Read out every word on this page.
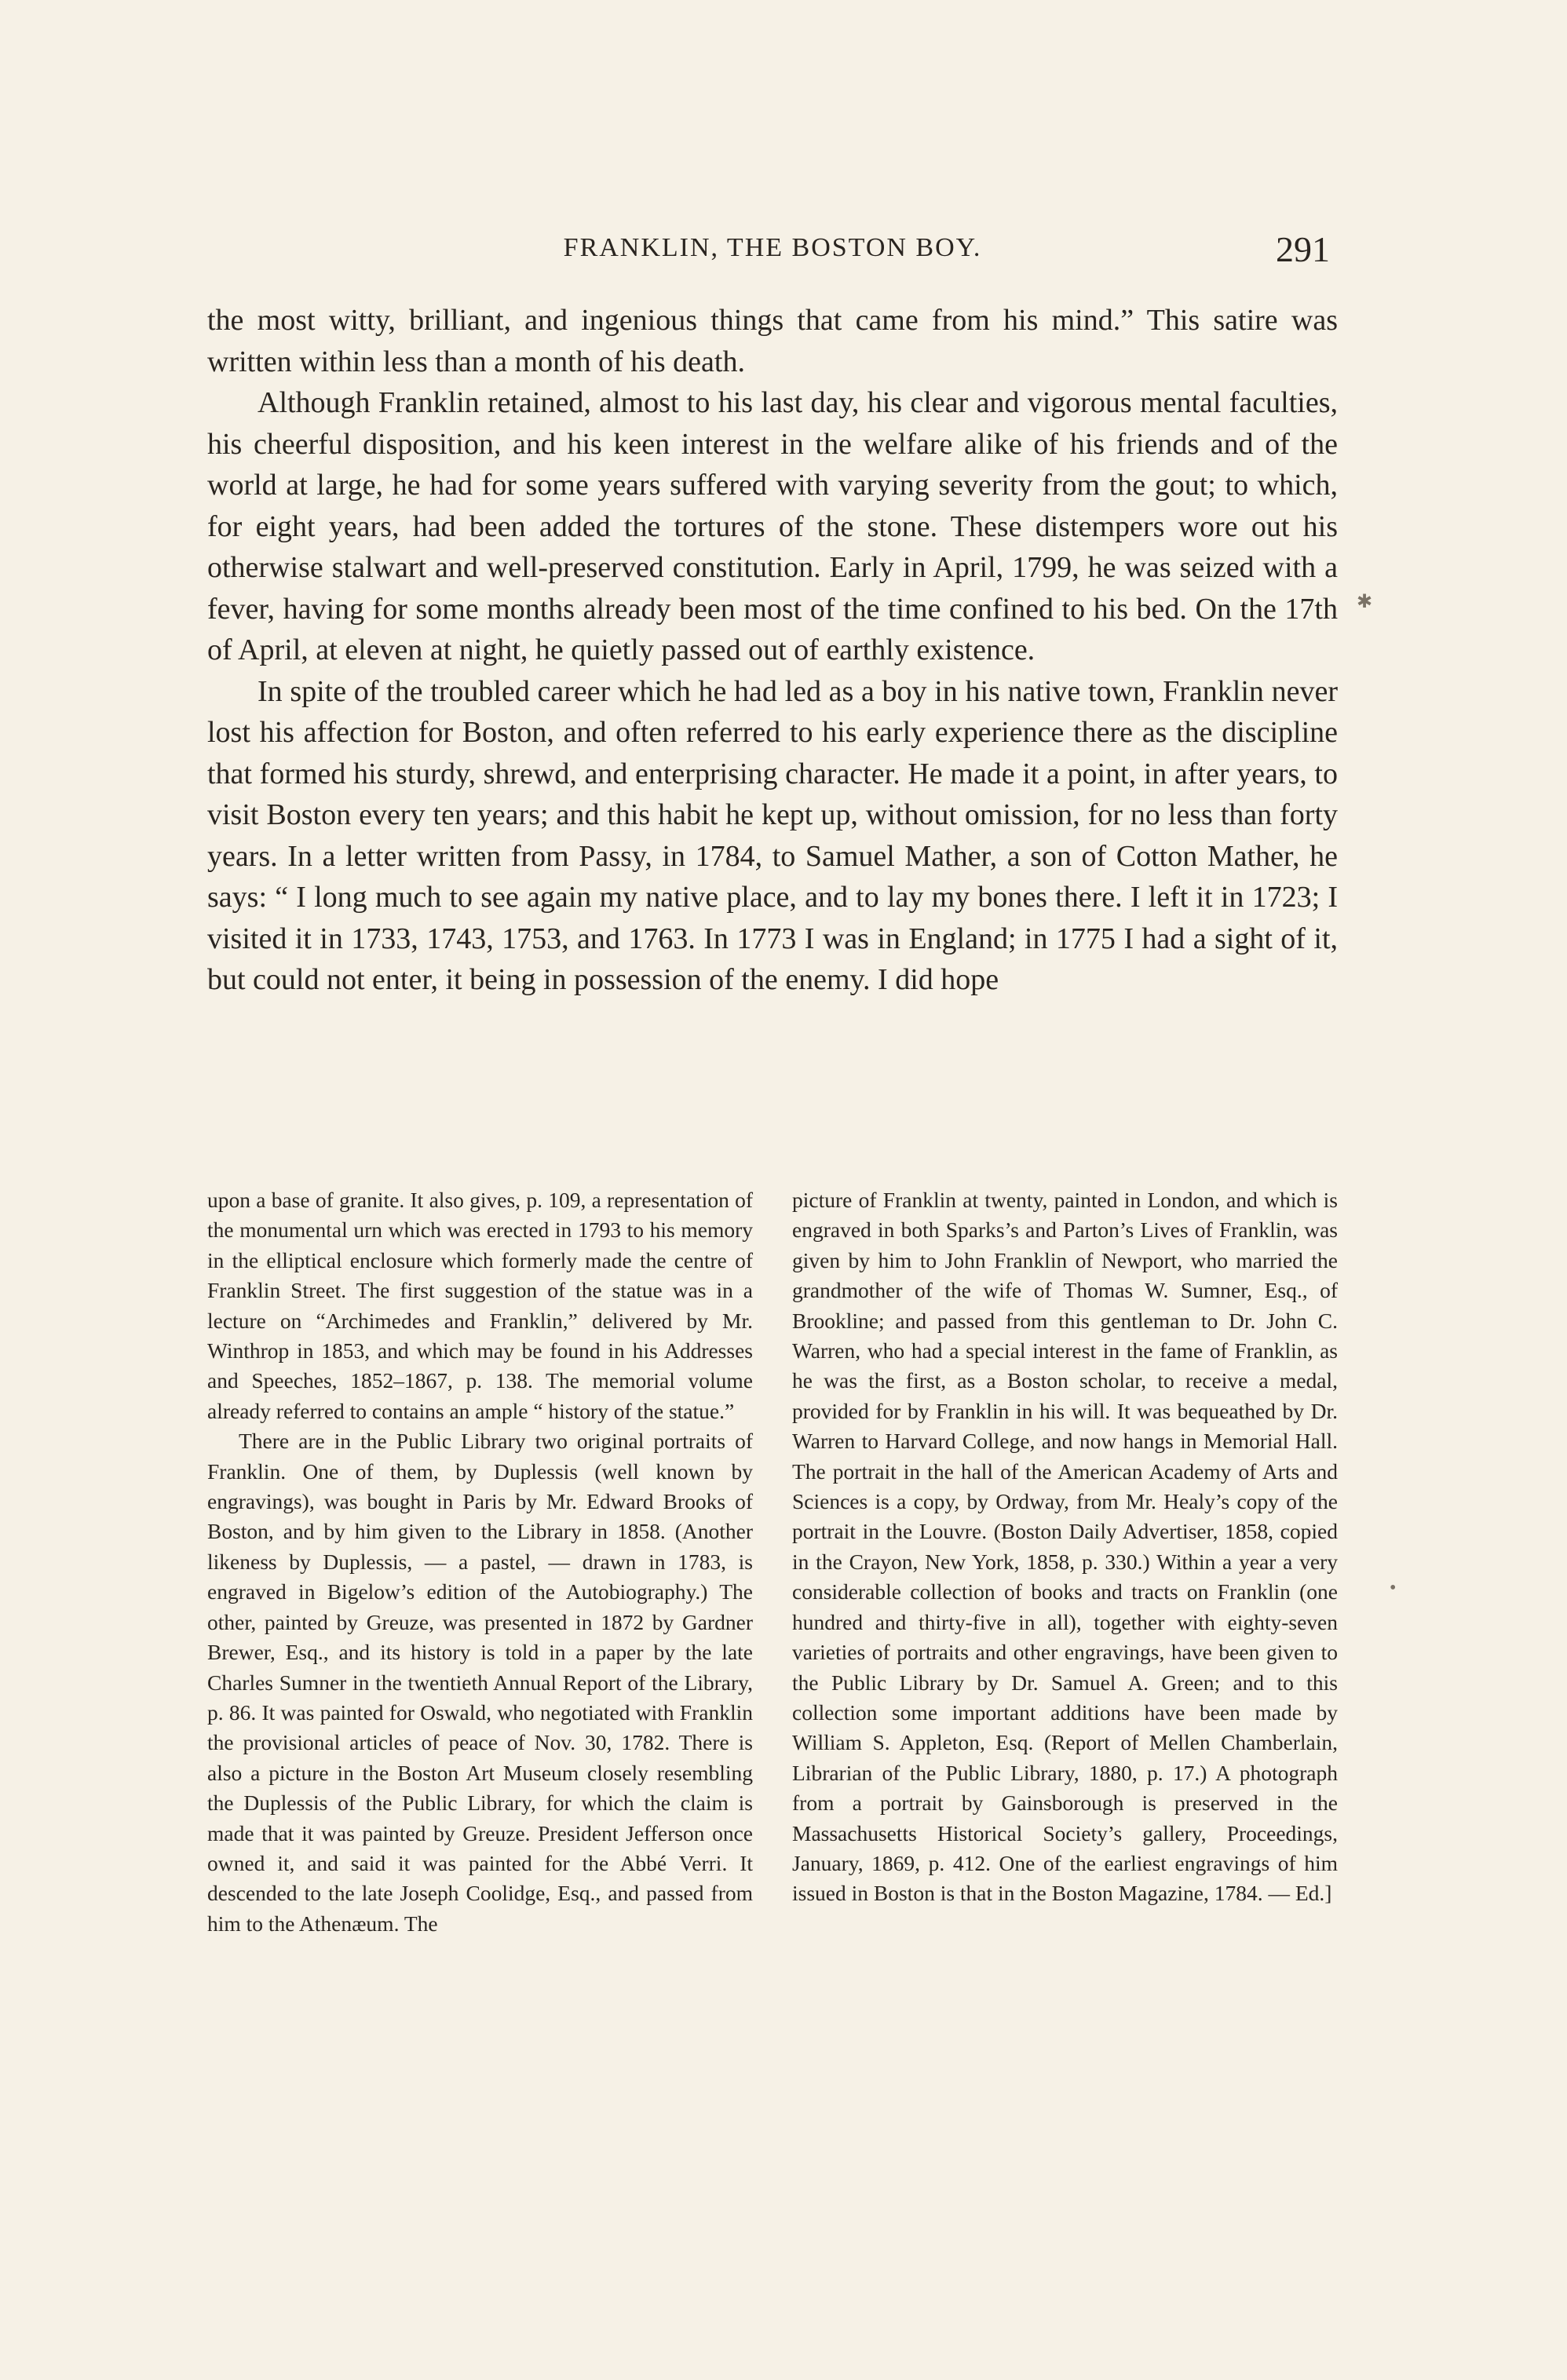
FRANKLIN, THE BOSTON BOY.	291

the most witty, brilliant, and ingenious things that came from his mind.” This satire was written within less than a month of his death.

Although Franklin retained, almost to his last day, his clear and vigorous mental faculties, his cheerful disposition, and his keen interest in the welfare alike of his friends and of the world at large, he had for some years suffered with varying severity from the gout; to which, for eight years, had been added the tortures of the stone. These distempers wore out his otherwise stalwart and well-preserved constitution. Early in April, 1799, he was seized with a fever, having for some months already been most of the time confined to his bed. On the 17th of April, at eleven at night, he quietly passed out of earthly existence.

In spite of the troubled career which he had led as a boy in his native town, Franklin never lost his affection for Boston, and often referred to his early experience there as the discipline that formed his sturdy, shrewd, and enterprising character. He made it a point, in after years, to visit Boston every ten years; and this habit he kept up, without omission, for no less than forty years. In a letter written from Passy, in 1784, to Samuel Mather, a son of Cotton Mather, he says: “ I long much to see again my native place, and to lay my bones there. I left it in 1723; I visited it in 1733, 1743, 1753, and 1763. In 1773 I was in England; in 1775 I had a sight of it, but could not enter, it being in possession of the enemy. I did hope

✱
•

upon a base of granite. It also gives, p. 109, a representation of the monumental urn which was erected in 1793 to his memory in the elliptical enclosure which formerly made the centre of Franklin Street. The first suggestion of the statue was in a lecture on “Archimedes and Franklin,” delivered by Mr. Winthrop in 1853, and which may be found in his Addresses and Speeches, 1852–1867, p. 138. The memorial volume already referred to contains an ample “ history of the statue.”

There are in the Public Library two original portraits of Franklin. One of them, by Duplessis (well known by engravings), was bought in Paris by Mr. Edward Brooks of Boston, and by him given to the Library in 1858. (Another likeness by Duplessis, — a pastel, — drawn in 1783, is engraved in Bigelow’s edition of the Autobiography.) The other, painted by Greuze, was presented in 1872 by Gardner Brewer, Esq., and its history is told in a paper by the late Charles Sumner in the twentieth Annual Report of the Library, p. 86. It was painted for Oswald, who negotiated with Franklin the provisional articles of peace of Nov. 30, 1782. There is also a picture in the Boston Art Museum closely resembling the Duplessis of the Public Library, for which the claim is made that it was painted by Greuze. President Jefferson once owned it, and said it was painted for the Abbé Verri. It descended to the late Joseph Coolidge, Esq., and passed from him to the Athenæum. The

picture of Franklin at twenty, painted in London, and which is engraved in both Sparks’s and Parton’s Lives of Franklin, was given by him to John Franklin of Newport, who married the grandmother of the wife of Thomas W. Sumner, Esq., of Brookline; and passed from this gentleman to Dr. John C. Warren, who had a special interest in the fame of Franklin, as he was the first, as a Boston scholar, to receive a medal, provided for by Franklin in his will. It was bequeathed by Dr. Warren to Harvard College, and now hangs in Memorial Hall. The portrait in the hall of the American Academy of Arts and Sciences is a copy, by Ordway, from Mr. Healy’s copy of the portrait in the Louvre. (Boston Daily Advertiser, 1858, copied in the Crayon, New York, 1858, p. 330.) Within a year a very considerable collection of books and tracts on Franklin (one hundred and thirty-five in all), together with eighty-seven varieties of portraits and other engravings, have been given to the Public Library by Dr. Samuel A. Green; and to this collection some important additions have been made by William S. Appleton, Esq. (Report of Mellen Chamberlain, Librarian of the Public Library, 1880, p. 17.) A photograph from a portrait by Gainsborough is preserved in the Massachusetts Historical Society’s gallery, Proceedings, January, 1869, p. 412. One of the earliest engravings of him issued in Boston is that in the Boston Magazine, 1784. — Ed.]
